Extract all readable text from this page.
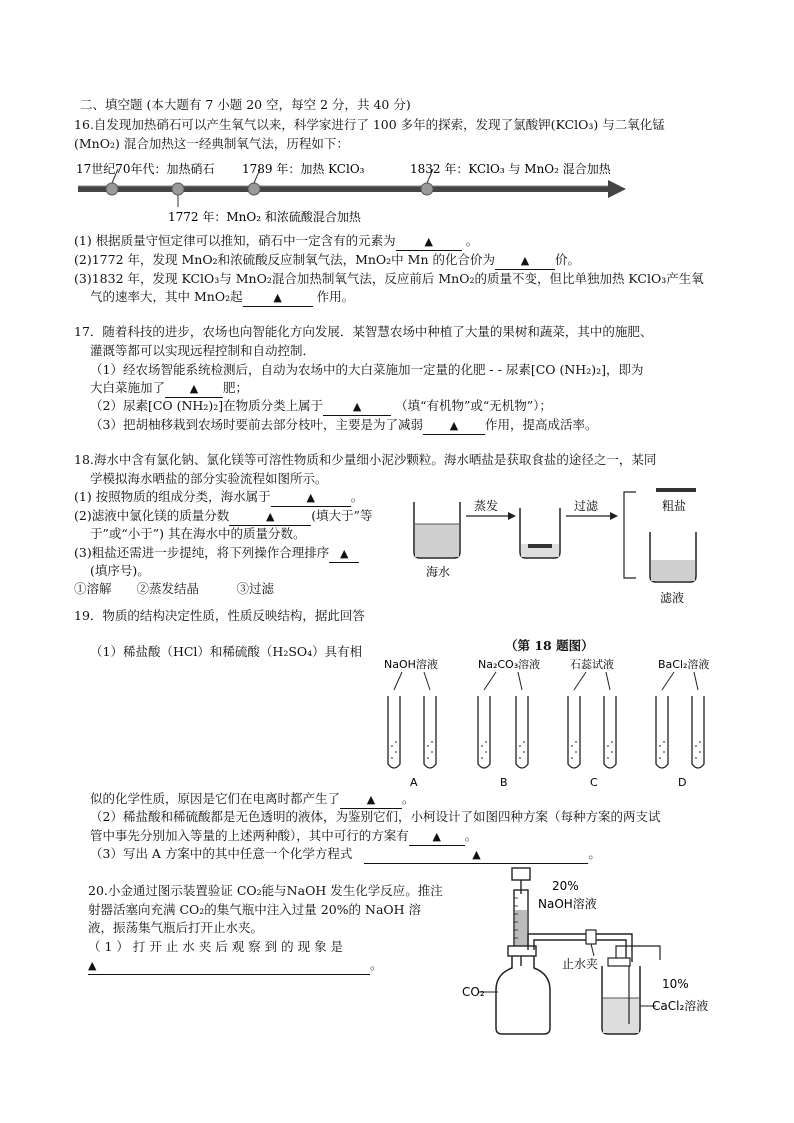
二、填空题 (本大题有 7 小题 20 空，每空 2 分，共 40 分)
16.自发现加热硝石可以产生氧气以来，科学家进行了 100 多年的探索，发现了氯酸钾(KClO₃) 与二氧化锰
(MnO₂) 混合加热这一经典制氧气法，历程如下：
17世纪70年代：加热硝石 1789 年：加热 KClO₃	1832 年：KClO₃ 与 MnO₂ 混合加热
1772 年：MnO₂ 和浓硫酸混合加热
(1) 根据质量守恒定律可以推知，硝石中一定含有的元素为	▲	。
(2)1772 年，发现 MnO₂和浓硫酸反应制氧气法，MnO₂中 Mn 的化合价为 ▲ 价。
(3)1832 年，发现 KClO₃与 MnO₂混合加热制氧气法，反应前后 MnO₂的质量不变，但比单独加热 KClO₃产生氧
气的速率大，其中 MnO₂起	▲	作用。
17．随着科技的进步，农场也向智能化方向发展．某智慧农场中种植了大量的果树和蔬菜，其中的施肥、
灌溉等都可以实现远程控制和自动控制．
（1）经农场智能系统检测后，自动为农场中的大白菜施加一定量的化肥 - - 尿素[CO (NH₂)₂]，即为
大白菜施加了 ▲ 肥；
（2）尿素[CO (NH₂)₂]在物质分类上属于	▲	（填“有机物”或“无机物”）；
（3）把胡柚移栽到农场时要前去部分枝叶，主要是为了减弱 ▲ 作用，提高成活率。
18.海水中含有氯化钠、氯化镁等可溶性物质和少量细小泥沙颗粒。海水晒盐是获取食盐的途径之一，某同
学模拟海水晒盐的部分实验流程如图所示。
(1) 按照物质的组成分类，海水属于	▲	。
(2)滤液中氯化镁的质量分数	▲	(填大于”等
于”或“小于”) 其在海水中的质量分数。
(3)粗盐还需进一步提纯，将下列操作合理排序 ▲
(填序号)。
①溶解　　②蒸发结晶　　　③过滤
海水
蒸发	过滤	粗盐
滤液
19．物质的结构决定性质，性质反映结构，据此回答
（1）稀盐酸（HCl）和稀硫酸（H₂SO₄）具有相	（第 18 题图）
NaOH溶液	Na₂CO₃溶液	石蕊试液	BaCl₂溶液
A	B	C	D
似的化学性质，原因是它们在电离时都产生了 ▲ 。
（2）稀盐酸和稀硫酸都是无色透明的液体，为鉴别它们，小柯设计了如图四种方案（每种方案的两支试
管中事先分别加入等量的上述两种酸），其中可行的方案有 ▲ 。
（3）写出 A 方案中的其中任意一个化学方程式	▲	。
20.小金通过图示装置验证 CO₂能与NaOH 发生化学反应。推注
射器活塞向充满 CO₂的集气瓶中注入过量 20%的 NaOH 溶
液，振荡集气瓶后打开止水夹。
（ 1 ） 打 开 止 水 夹 后 观 察 到 的 现 象 是
▲	。
20%
NaOH溶液
CO₂
止水夹
10%
CaCl₂溶液
